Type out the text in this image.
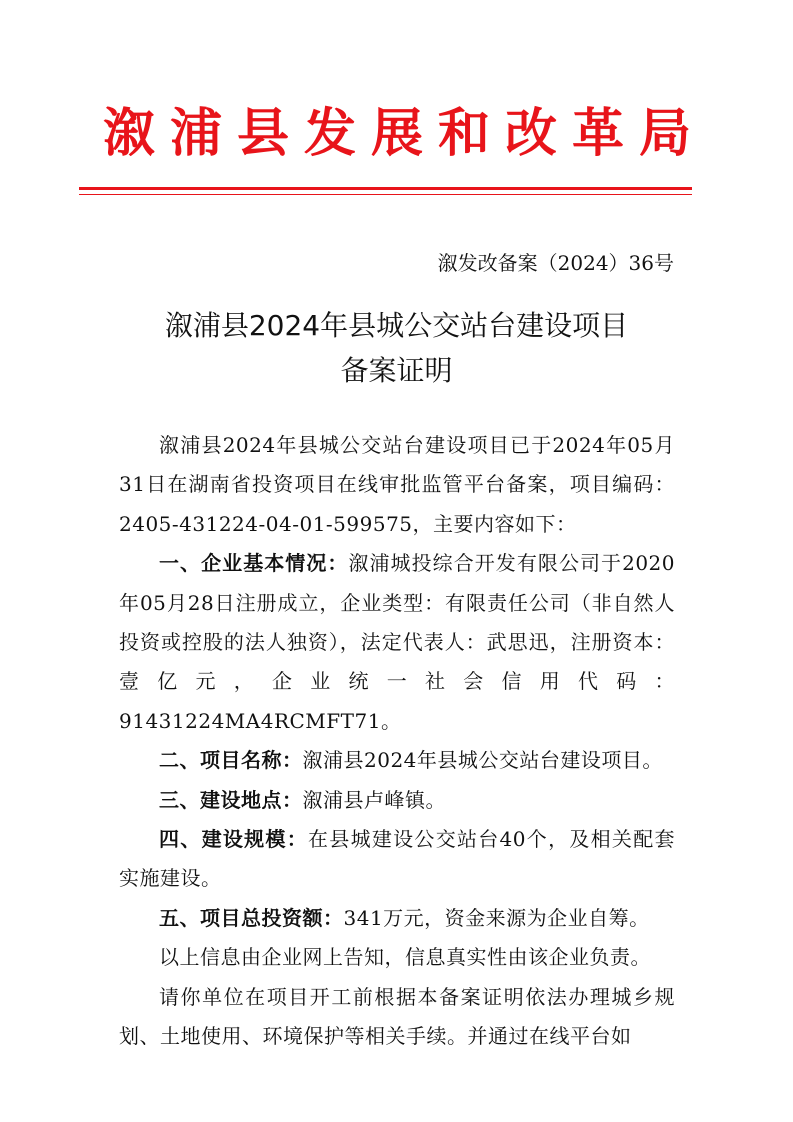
溆浦县发展和改革局
溆发改备案（2024）36号
溆浦县2024年县城公交站台建设项目
备案证明

溆浦县2024年县城公交站台建设项目已于2024年05月31日在湖南省投资项目在线审批监管平台备案，项目编码：2405-431224-04-01-599575，主要内容如下：

一、企业基本情况：溆浦城投综合开发有限公司于2020年05月28日注册成立，企业类型：有限责任公司（非自然人投资或控股的法人独资），法定代表人：武思迅，注册资本：壹亿元，企业统一社会信用代码：91431224MA4RCMFT71。

二、项目名称：溆浦县2024年县城公交站台建设项目。

三、建设地点：溆浦县卢峰镇。

四、建设规模：在县城建设公交站台40个，及相关配套实施建设。

五、项目总投资额：341万元，资金来源为企业自筹。

以上信息由企业网上告知，信息真实性由该企业负责。

请你单位在项目开工前根据本备案证明依法办理城乡规划、土地使用、环境保护等相关手续。并通过在线平台如
